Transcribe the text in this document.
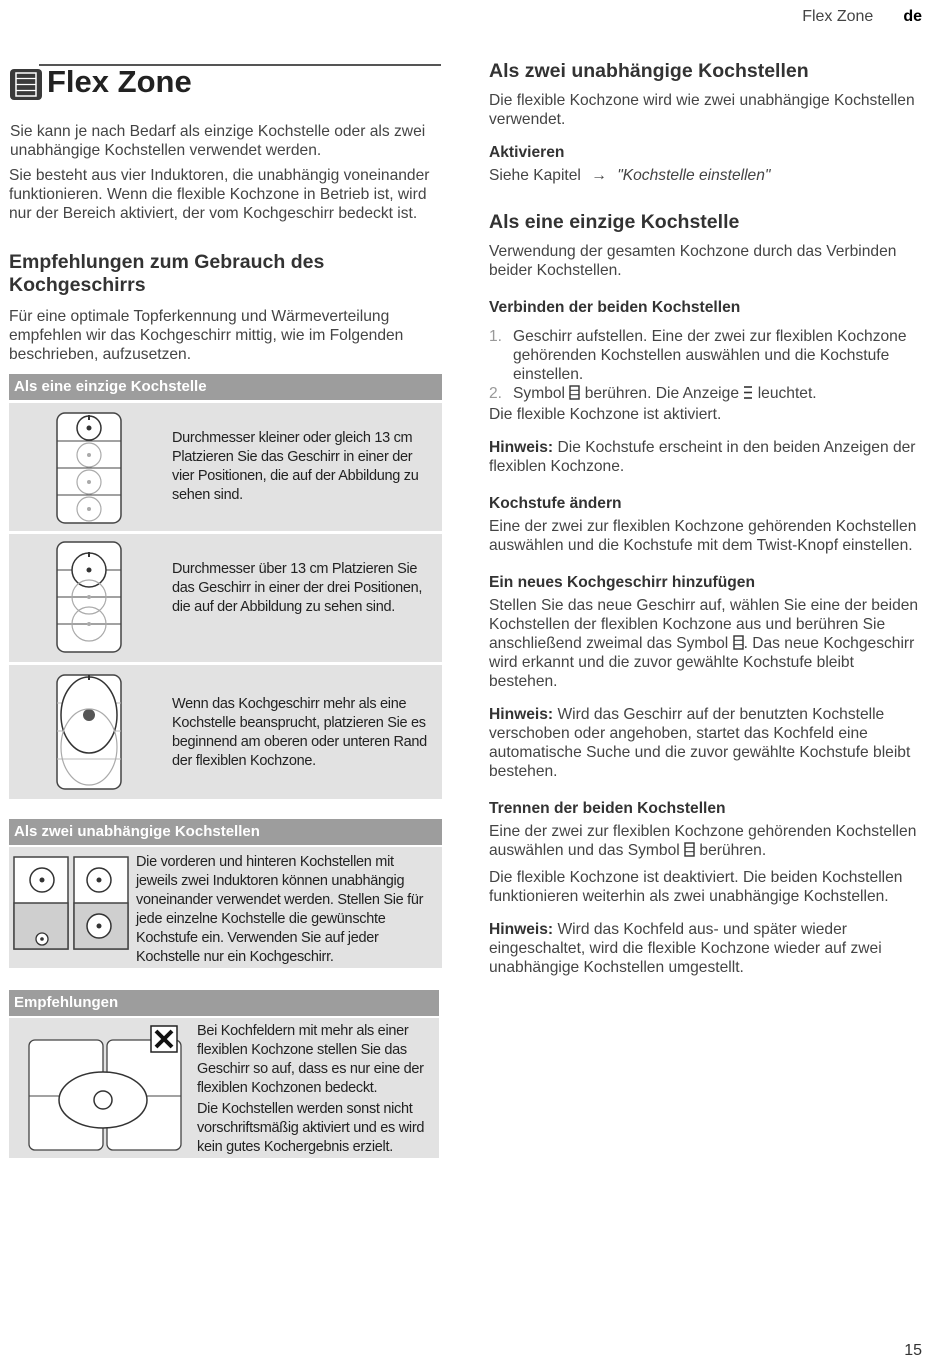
Flex Zone de
Flex Zone

Sie kann je nach Bedarf als einzige Kochstelle oder als zwei unabhängige Kochstellen verwendet werden.

Sie besteht aus vier Induktoren, die unabhängig voneinander funktionieren. Wenn die flexible Kochzone in Betrieb ist, wird nur der Bereich aktiviert, der vom Kochgeschirr bedeckt ist.

Empfehlungen zum Gebrauch des Kochgeschirrs

Für eine optimale Topferkennung und Wärmeverteilung empfehlen wir das Kochgeschirr mittig, wie im Folgenden beschrieben, aufzusetzen.

Als eine einzige Kochstelle
Durchmesser kleiner oder gleich 13 cm Platzieren Sie das Geschirr in einer der vier Positionen, die auf der Abbildung zu sehen sind.
Durchmesser über 13 cm Platzieren Sie das Geschirr in einer der drei Positionen, die auf der Abbildung zu sehen sind.
Wenn das Kochgeschirr mehr als eine Kochstelle beansprucht, platzieren Sie es beginnend am oberen oder unteren Rand der flexiblen Kochzone.
Als zwei unabhängige Kochstellen
Die vorderen und hinteren Kochstellen mit jeweils zwei Induktoren können unabhängig voneinander verwendet werden. Stellen Sie für jede einzelne Kochstelle die gewünschte Kochstufe ein. Verwenden Sie auf jeder Kochstelle nur ein Kochgeschirr.
Empfehlungen

Bei Kochfeldern mit mehr als einer flexiblen Kochzone stellen Sie das Geschirr so auf, dass es nur eine der flexiblen Kochzonen bedeckt.

Die Kochstellen werden sonst nicht vorschriftsmäßig aktiviert und es wird kein gutes Kochergebnis erzielt.

Als zwei unabhängige Kochstellen

Die flexible Kochzone wird wie zwei unabhängige Kochstellen verwendet.

Aktivieren

Siehe Kapitel → "Kochstelle einstellen"

Als eine einzige Kochstelle

Verwendung der gesamten Kochzone durch das Verbinden beider Kochstellen.

Verbinden der beiden Kochstellen
1. Geschirr aufstellen. Eine der zwei zur flexiblen Kochzone gehörenden Kochstellen auswählen und die Kochstufe einstellen.
2. Symbol berühren. Die Anzeige leuchtet.

Die flexible Kochzone ist aktiviert.

Hinweis: Die Kochstufe erscheint in den beiden Anzeigen der flexiblen Kochzone.

Kochstufe ändern

Eine der zwei zur flexiblen Kochzone gehörenden Kochstellen auswählen und die Kochstufe mit dem Twist-Knopf einstellen.

Ein neues Kochgeschirr hinzufügen

Stellen Sie das neue Geschirr auf, wählen Sie eine der beiden Kochstellen der flexiblen Kochzone aus und berühren Sie anschließend zweimal das Symbol . Das neue Kochgeschirr wird erkannt und die zuvor gewählte Kochstufe bleibt bestehen.

Hinweis: Wird das Geschirr auf der benutzten Kochstelle verschoben oder angehoben, startet das Kochfeld eine automatische Suche und die zuvor gewählte Kochstufe bleibt bestehen.

Trennen der beiden Kochstellen

Eine der zwei zur flexiblen Kochzone gehörenden Kochstellen auswählen und das Symbol berühren.

Die flexible Kochzone ist deaktiviert. Die beiden Kochstellen funktionieren weiterhin als zwei unabhängige Kochstellen.

Hinweis: Wird das Kochfeld aus- und später wieder eingeschaltet, wird die flexible Kochzone wieder auf zwei unabhängige Kochstellen umgestellt.

15
